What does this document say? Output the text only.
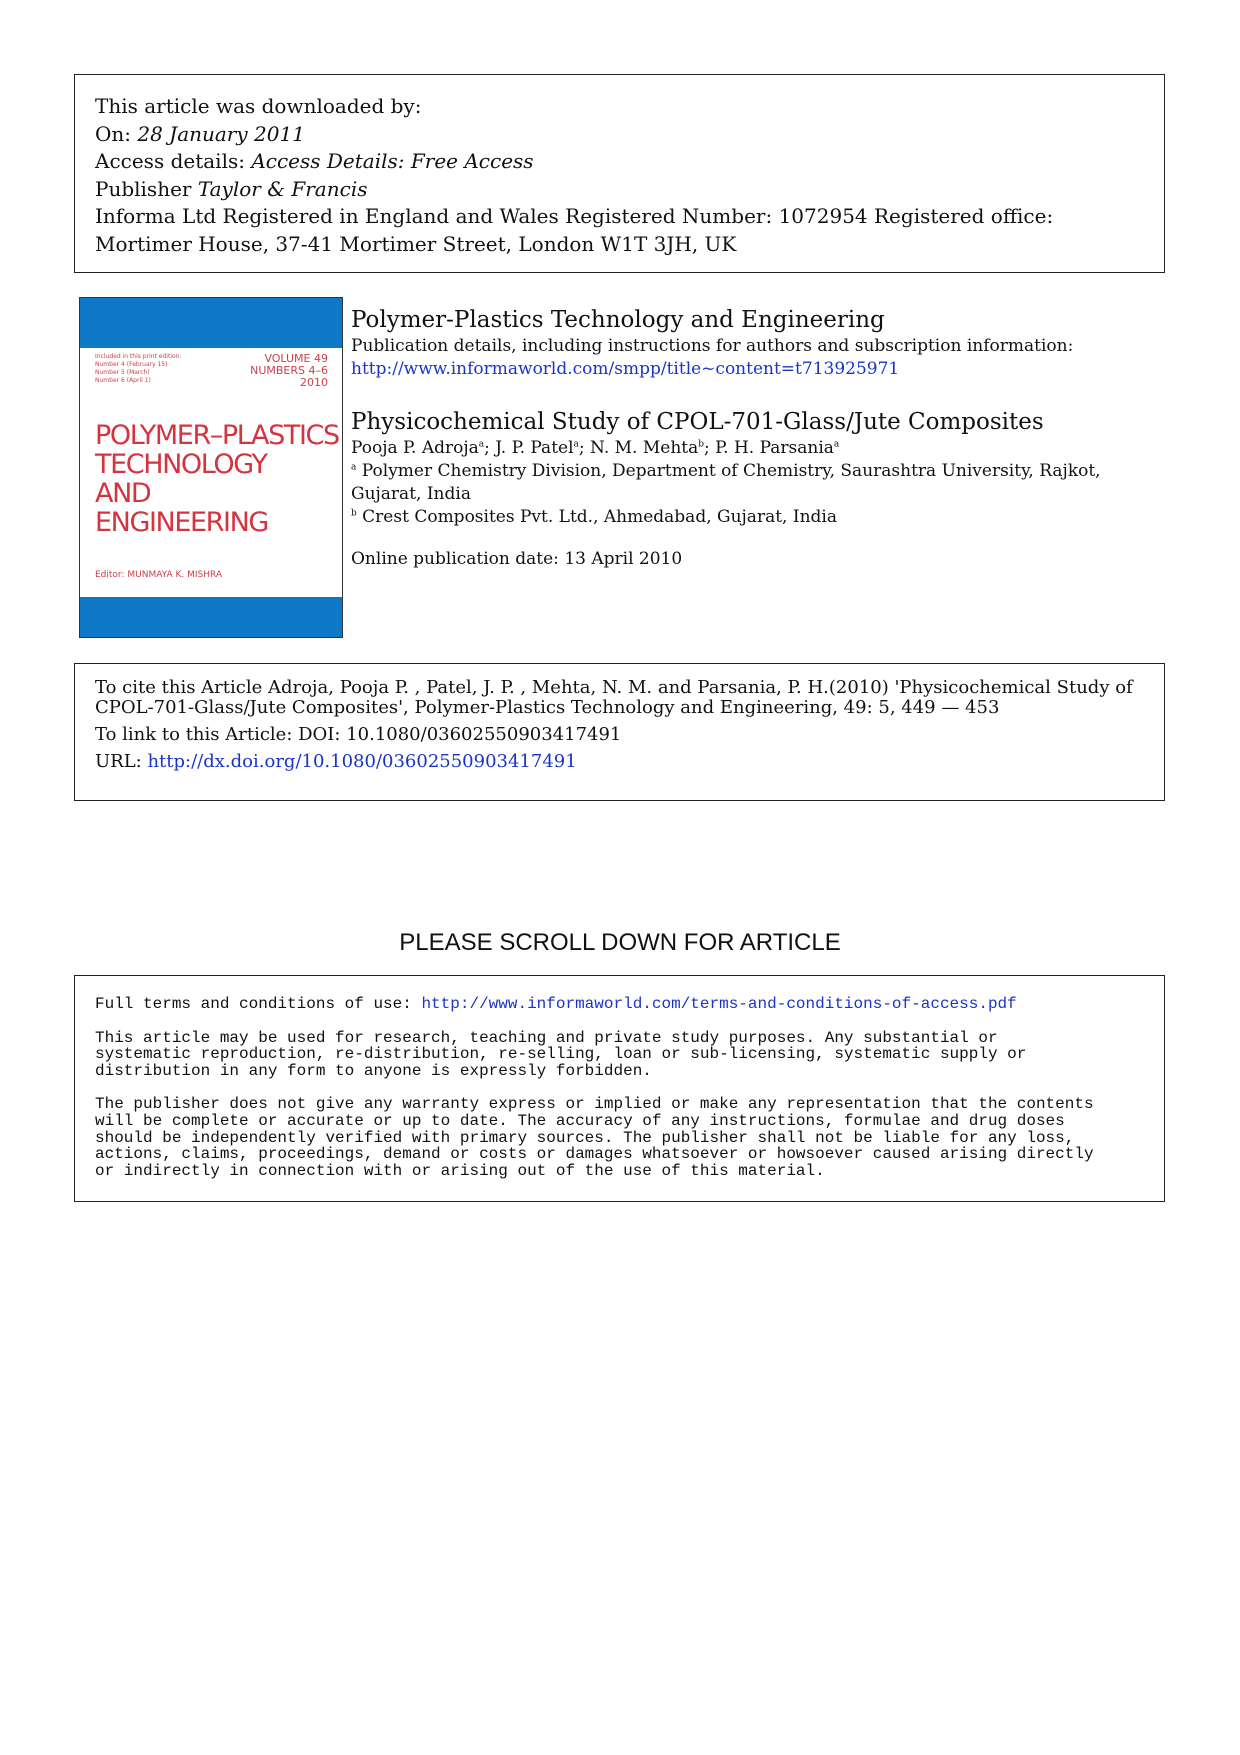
This article was downloaded by:
On: 28 January 2011
Access details: Access Details: Free Access
Publisher Taylor & Francis
Informa Ltd Registered in England and Wales Registered Number: 1072954 Registered office: Mortimer House, 37-41 Mortimer Street, London W1T 3JH, UK
Included in this print edition:
Number 4 (February 15)
Number 5 (March)
Number 6 (April 1)
VOLUME 49
NUMBERS 4–6
2010
POLYMER–PLASTICS
TECHNOLOGY
AND
ENGINEERING
Editor: MUNMAYA K. MISHRA
Polymer-Plastics Technology and Engineering
Publication details, including instructions for authors and subscription information:
http://www.informaworld.com/smpp/title~content=t713925971
Physicochemical Study of CPOL-701-Glass/Jute Composites
Pooja P. Adroja$^a$; J. P. Patel$^a$; N. M. Mehta$^b$; P. H. Parsania$^a$
$^a$ Polymer Chemistry Division, Department of Chemistry, Saurashtra University, Rajkot, Gujarat, India
$^b$ Crest Composites Pvt. Ltd., Ahmedabad, Gujarat, India
Online publication date: 13 April 2010
To cite this Article Adroja, Pooja P. , Patel, J. P. , Mehta, N. M. and Parsania, P. H.(2010) 'Physicochemical Study of CPOL-701-Glass/Jute Composites', Polymer-Plastics Technology and Engineering, 49: 5, 449 — 453
To link to this Article: DOI: 10.1080/03602550903417491
URL: http://dx.doi.org/10.1080/03602550903417491
PLEASE SCROLL DOWN FOR ARTICLE

Full terms and conditions of use: http://www.informaworld.com/terms-and-conditions-of-access.pdf

This article may be used for research, teaching and private study purposes. Any substantial or
systematic reproduction, re-distribution, re-selling, loan or sub-licensing, systematic supply or
distribution in any form to anyone is expressly forbidden.

The publisher does not give any warranty express or implied or make any representation that the contents
will be complete or accurate or up to date. The accuracy of any instructions, formulae and drug doses
should be independently verified with primary sources. The publisher shall not be liable for any loss,
actions, claims, proceedings, demand or costs or damages whatsoever or howsoever caused arising directly
or indirectly in connection with or arising out of the use of this material.
